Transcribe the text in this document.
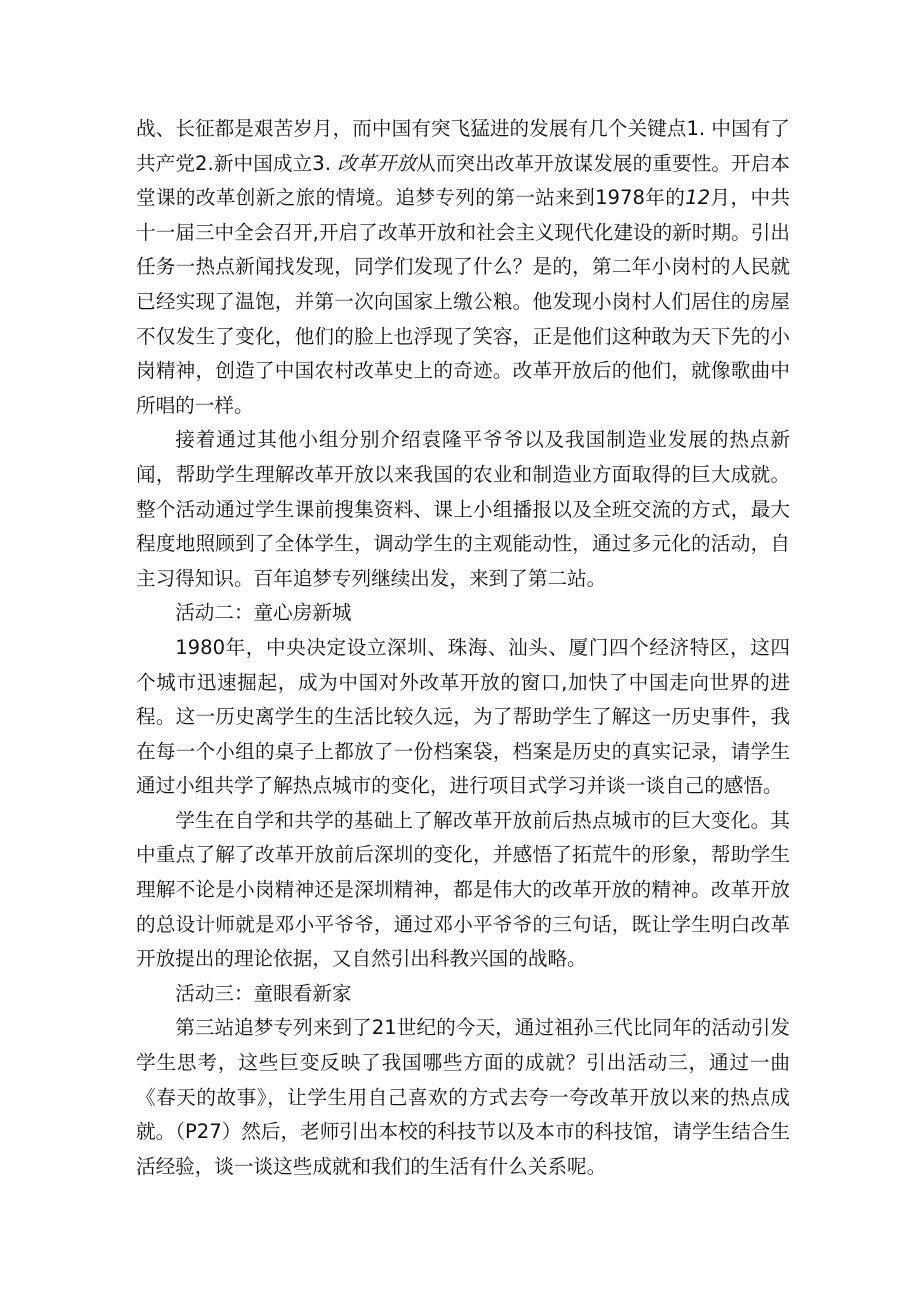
战、长征都是艰苦岁月，而中国有突飞猛进的发展有几个关键点1. 中国有了共产党2.新中国成立3. 改革开放从而突出改革开放谋发展的重要性。开启本堂课的改革创新之旅的情境。追梦专列的第一站来到1978年的12月，中共十一届三中全会召开,开启了改革开放和社会主义现代化建设的新时期。引出任务一热点新闻找发现，同学们发现了什么？是的，第二年小岗村的人民就已经实现了温饱，并第一次向国家上缴公粮。他发现小岗村人们居住的房屋不仅发生了变化，他们的脸上也浮现了笑容，正是他们这种敢为天下先的小岗精神，创造了中国农村改革史上的奇迹。改革开放后的他们，就像歌曲中所唱的一样。

接着通过其他小组分别介绍袁隆平爷爷以及我国制造业发展的热点新闻，帮助学生理解改革开放以来我国的农业和制造业方面取得的巨大成就。整个活动通过学生课前搜集资料、课上小组播报以及全班交流的方式，最大程度地照顾到了全体学生，调动学生的主观能动性，通过多元化的活动，自主习得知识。百年追梦专列继续出发，来到了第二站。

活动二：童心房新城

1980年，中央决定设立深圳、珠海、汕头、厦门四个经济特区，这四个城市迅速掘起，成为中国对外改革开放的窗口,加快了中国走向世界的进程。这一历史离学生的生活比较久远，为了帮助学生了解这一历史事件，我在每一个小组的桌子上都放了一份档案袋，档案是历史的真实记录，请学生通过小组共学了解热点城市的变化，进行项目式学习并谈一谈自己的感悟。

学生在自学和共学的基础上了解改革开放前后热点城市的巨大变化。其中重点了解了改革开放前后深圳的变化，并感悟了拓荒牛的形象，帮助学生理解不论是小岗精神还是深圳精神，都是伟大的改革开放的精神。改革开放的总设计师就是邓小平爷爷，通过邓小平爷爷的三句话，既让学生明白改革开放提出的理论依据，又自然引出科教兴国的战略。

活动三：童眼看新家

第三站追梦专列来到了21世纪的今天，通过祖孙三代比同年的活动引发学生思考，这些巨变反映了我国哪些方面的成就？引出活动三，通过一曲《春天的故事》，让学生用自己喜欢的方式去夸一夸改革开放以来的热点成就。（P27）然后，老师引出本校的科技节以及本市的科技馆，请学生结合生活经验，谈一谈这些成就和我们的生活有什么关系呢。
